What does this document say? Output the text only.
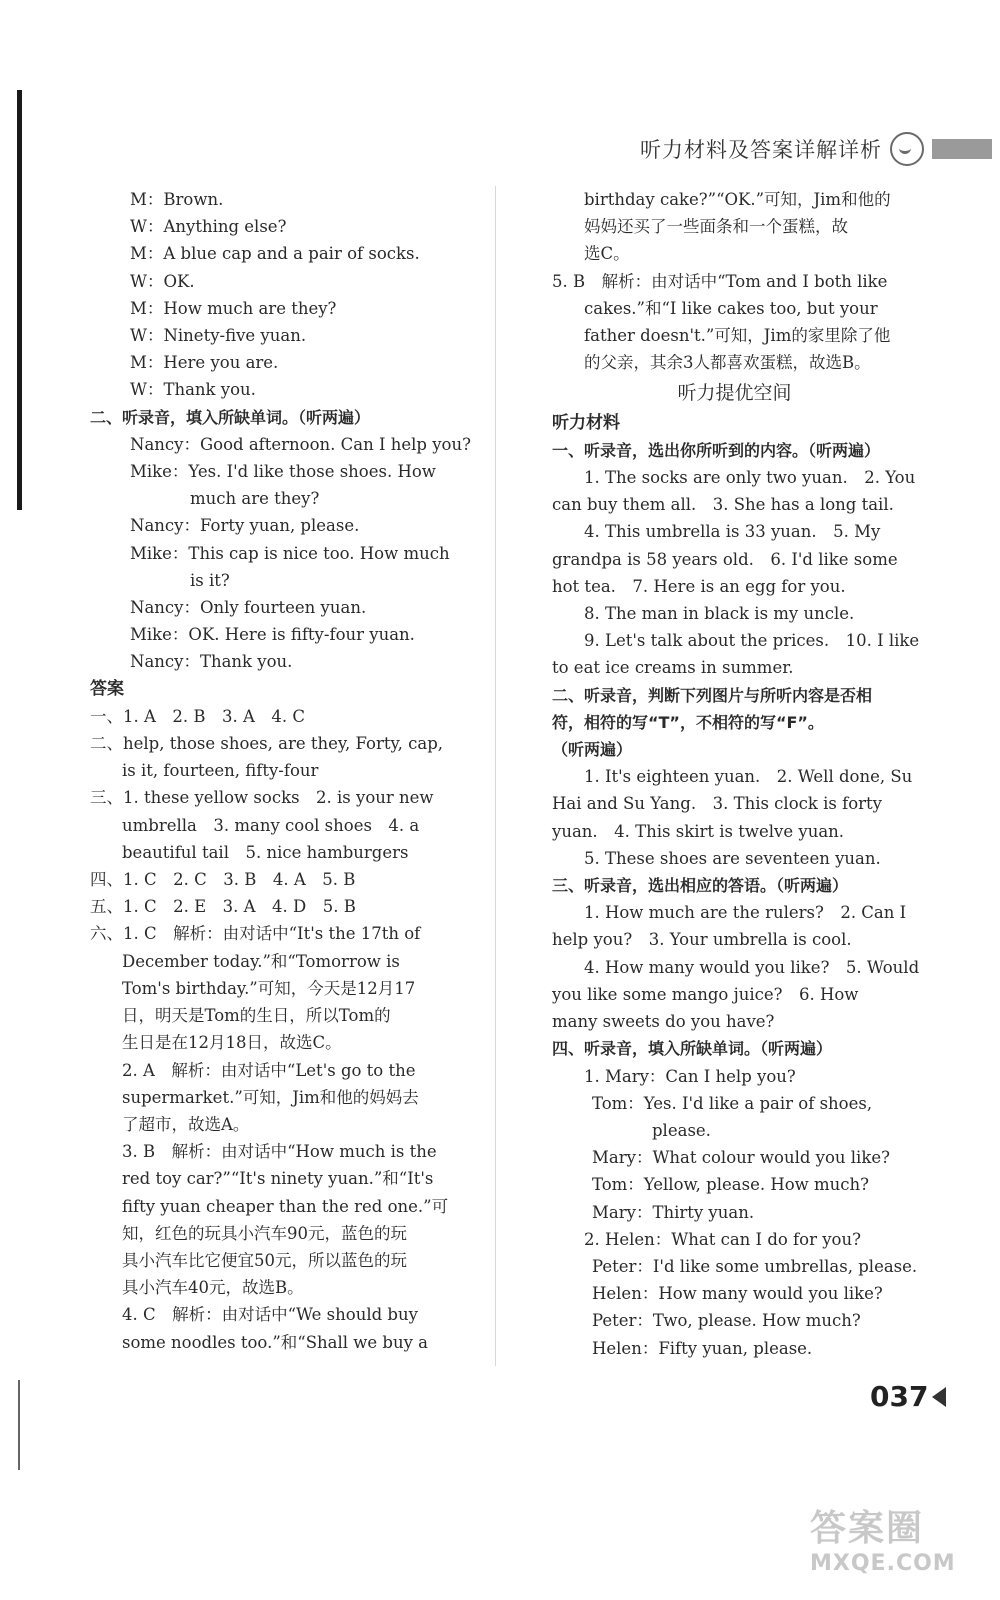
听力材料及答案详解详析
M：Brown.
W：Anything else?
M：A blue cap and a pair of socks.
W：OK.
M：How much are they?
W：Ninety-five yuan.
M：Here you are.
W：Thank you.
二、听录音，填入所缺单词。（听两遍）
Nancy：Good afternoon. Can I help you?
Mike：Yes. I'd like those shoes. How
much are they?
Nancy：Forty yuan, please.
Mike：This cap is nice too. How much
is it?
Nancy：Only fourteen yuan.
Mike：OK. Here is fifty-four yuan.
Nancy：Thank you.
答案
一、1. A　2. B　3. A　4. C
二、help, those shoes, are they, Forty, cap,
is it, fourteen, fifty-four
三、1. these yellow socks　2. is your new
umbrella　3. many cool shoes　4. a
beautiful tail　5. nice hamburgers
四、1. C　2. C　3. B　4. A　5. B
五、1. C　2. E　3. A　4. D　5. B
六、1. C　解析：由对话中“It's the 17th of
December today.”和“Tomorrow is
Tom's birthday.”可知，今天是12月17
日，明天是Tom的生日，所以Tom的
生日是在12月18日，故选C。
2. A　解析：由对话中“Let's go to the
supermarket.”可知，Jim和他的妈妈去
了超市，故选A。
3. B　解析：由对话中“How much is the
red toy car?”“It's ninety yuan.”和“It's
fifty yuan cheaper than the red one.”可
知，红色的玩具小汽车90元，蓝色的玩
具小汽车比它便宜50元，所以蓝色的玩
具小汽车40元，故选B。
4. C　解析：由对话中“We should buy
some noodles too.”和“Shall we buy a
birthday cake?”“OK.”可知，Jim和他的
妈妈还买了一些面条和一个蛋糕，故
选C。
5. B　解析：由对话中“Tom and I both like
cakes.”和“I like cakes too, but your
father doesn't.”可知，Jim的家里除了他
的父亲，其余3人都喜欢蛋糕，故选B。
听力提优空间
听力材料
一、听录音，选出你所听到的内容。（听两遍）
1. The socks are only two yuan.　2. You
can buy them all.　3. She has a long tail.
4. This umbrella is 33 yuan.　5. My
grandpa is 58 years old.　6. I'd like some
hot tea.　7. Here is an egg for you.
8. The man in black is my uncle.
9. Let's talk about the prices.　10. I like
to eat ice creams in summer.
二、听录音，判断下列图片与所听内容是否相
符，相符的写“T”，不相符的写“F”。
（听两遍）
1. It's eighteen yuan.　2. Well done, Su
Hai and Su Yang.　3. This clock is forty
yuan.　4. This skirt is twelve yuan.
5. These shoes are seventeen yuan.
三、听录音，选出相应的答语。（听两遍）
1. How much are the rulers?　2. Can I
help you?　3. Your umbrella is cool.
4. How many would you like?　5. Would
you like some mango juice?　6. How
many sweets do you have?
四、听录音，填入所缺单词。（听两遍）
1. Mary：Can I help you?
Tom：Yes. I'd like a pair of shoes,
please.
Mary：What colour would you like?
Tom：Yellow, please. How much?
Mary：Thirty yuan.
2. Helen：What can I do for you?
Peter：I'd like some umbrellas, please.
Helen：How many would you like?
Peter：Two, please. How much?
Helen：Fifty yuan, please.
037
答案圈
MXQE.COM
